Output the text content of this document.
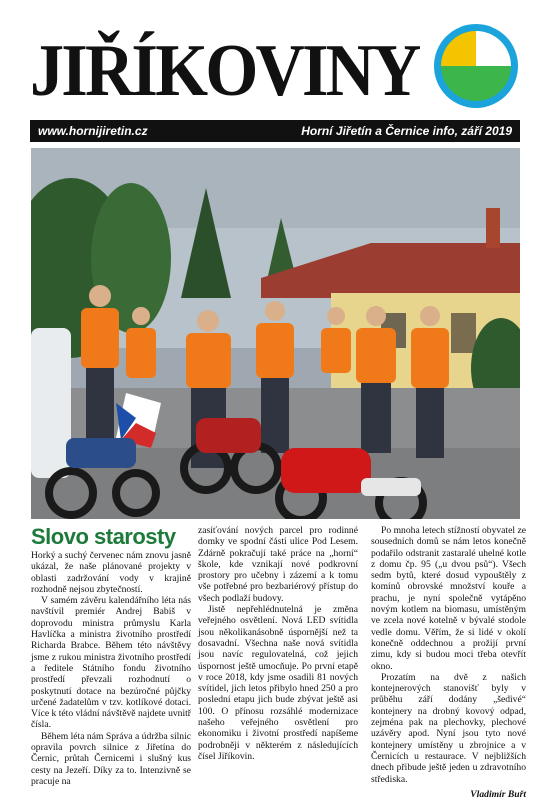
JIŘÍKOVINY
www.hornijiretin.cz	Horní Jiřetín a Černice info, září 2019
Slovo starosty

Horký a suchý červenec nám znovu jasně ukázal, že naše plánované projekty v oblasti zadržování vody v krajině rozhodně nejsou zbytečností.

V samém závěru kalendářního léta nás navštívil premiér Andrej Babiš v doprovodu ministra průmyslu Karla Havlíčka a ministra životního prostředí Richarda Brabce. Během této návštěvy jsme z rukou ministra životního prostředí a ředitele Státního fondu životního prostředí převzali rozhodnutí o poskytnutí dotace na bezúročné půjčky určené žadatelům v tzv. kotlíkové dotaci. Více k této vládní návštěvě najdete uvnitř čísla.

Během léta nám Správa a údržba silnic opravila povrch silnice z Jiřetína do Černic, průtah Černicemi i slušný kus cesty na Jezeří. Díky za to. Intenzivně se pracuje na

zasíťování nových parcel pro rodinné domky ve spodní části ulice Pod Lesem. Zdárně pokračují také práce na „horní“ škole, kde vznikají nové podkrovní prostory pro učebny i zázemí a k tomu vše potřebné pro bezbariérový přístup do všech podlaží budovy.

Jistě nepřehlédnutelná je změna veřejného osvětlení. Nová LED svítidla jsou několikanásobně úspornější než ta dosavadní. Všechna naše nová svítidla jsou navíc regulovatelná, což jejich úspornost ještě umocňuje. Po první etapě v roce 2018, kdy jsme osadili 81 nových svítidel, jich letos přibylo hned 250 a pro poslední etapu jich bude zbývat ještě asi 100. O přínosu rozsáhlé modernizace našeho veřejného osvětlení pro ekonomiku i životní prostředí napíšeme podrobněji v některém z následujících čísel Jiříkovin.

Po mnoha letech stížností obyvatel ze sousedních domů se nám letos konečně podařilo odstranit zastaralé uhelné kotle z domu čp. 95 („u dvou psů“). Všech sedm bytů, které dosud vypouštěly z komínů obrovské množství kouře a prachu, je nyní společně vytápěno novým kotlem na biomasu, umístěným ve zcela nové kotelně v bývalé stodole vedle domu. Věřím, že si lidé v okolí konečně oddechnou a prožijí první zimu, kdy si budou moci třeba otevřít okno.

Prozatím na dvě z našich kontejnerových stanovišť byly v průběhu září dodány „šedivé“ kontejnery na drobný kovový odpad, zejména pak na plechovky, plechové uzávěry apod. Nyní jsou tyto nové kontejnery umístěny u zbrojnice a v Černicích u restaurace. V nejbližších dnech přibude ještě jeden u zdravotního střediska.

Vladimír Buřt
